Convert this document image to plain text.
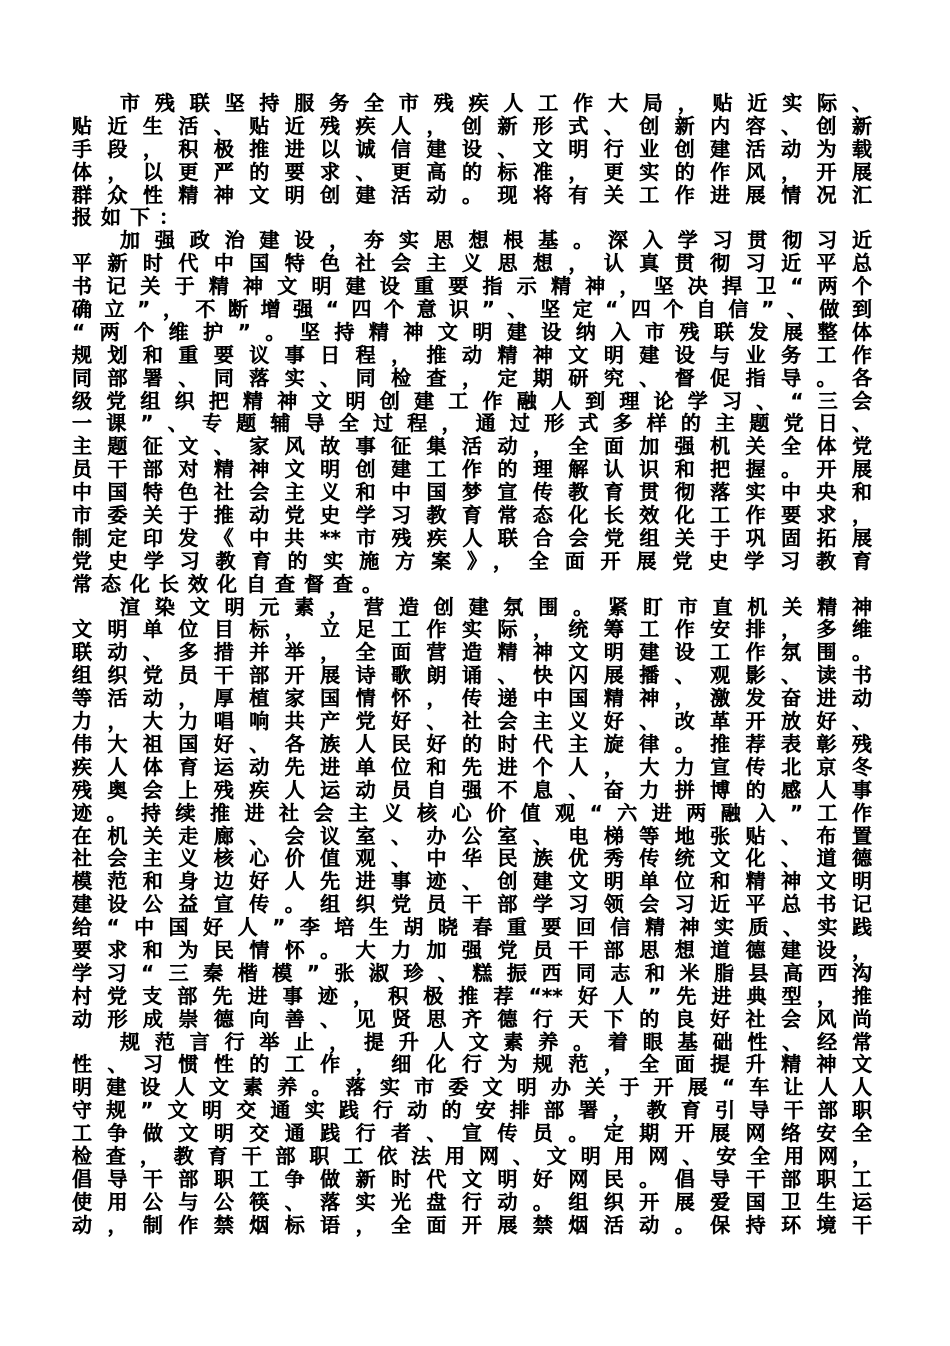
市残联坚持服务全市残疾人工作大局，贴近实际、
贴近生活、贴近残疾人，创新形式、创新内容、创新
手段，积极推进以诚信建设、文明行业创建活动为载
体，以更严的要求、更高的标准，更实的作风，开展
群众性精神文明创建活动。现将有关工作进展情况汇
报如下：
加强政治建设，夯实思想根基。深入学习贯彻习近
平新时代中国特色社会主义思想，认真贯彻习近平总
书记关于精神文明建设重要指示精神，坚决捍卫“两个
确立”，不断增强“四个意识”、坚定“四个自信”、做到
“两个维护”。坚持精神文明建设纳入市残联发展整体
规划和重要议事日程，推动精神文明建设与业务工作
同部署、同落实、同检查，定期研究、督促指导。各
级党组织把精神文明创建工作融人到理论学习、“三会
一课”、专题辅导全过程，通过形式多样的主题党日、
主题征文、家风故事征集活动，全面加强机关全体党
员干部对精神文明创建工作的理解认识和把握。开展
中国特色社会主义和中国梦宣传教育贯彻落实中央和
市委关于推动党史学习教育常态化长效化工作要求，
制定印发《中共**市残疾人联合会党组关于巩固拓展
党史学习教育的实施方案》，全面开展党史学习教育
常态化长效化自查督查。
渲染文明元素，营造创建氛围。紧盯市直机关精神
文明单位目标，立足工作实际，统筹工作安排，多维
联动、多措并举，全面营造精神文明建设工作氛围。
组织党员干部开展诗歌朗诵、快闪展播、观影、读书
等活动，厚植家国情怀，传递中国精神，激发奋进动
力，大力唱响共产党好、社会主义好、改革开放好、
伟大祖国好、各族人民好的时代主旋律。推荐表彰残
疾人体育运动先进单位和先进个人，大力宣传北京冬
残奥会上残疾人运动员自强不息、奋力拼博的感人事
迹。持续推进社会主义核心价值观“六进两融入”工作
在机关走廊、会议室、办公室、电梯等地张贴、布置
社会主义核心价值观、中华民族优秀传统文化、道德
模范和身边好人先进事迹、创建文明单位和精神文明
建设公益宣传。组织党员干部学习领会习近平总书记
给“中国好人”李培生胡晓春重要回信精神实质、实践
要求和为民情怀。大力加强党员干部思想道德建设，
学习“三秦楷模”张淑珍、糕振西同志和米脂县高西沟
村党支部先进事迹，积极推荐“**好人”先进典型，推
动形成崇德向善、见贤思齐德行天下的良好社会风尚
规范言行举止，提升人文素养。着眼基础性、经常
性、习惯性的工作，细化行为规范，全面提升精神文
明建设人文素养。落实市委文明办关于开展“车让人人
守规”文明交通实践行动的安排部署，教育引导干部职
工争做文明交通践行者、宣传员。定期开展网络安全
检查，教育干部职工依法用网、文明用网、安全用网，
倡导干部职工争做新时代文明好网民。倡导干部职工
使用公与公筷、落实光盘行动。组织开展爱国卫生运
动，制作禁烟标语，全面开展禁烟活动。保持环境干
